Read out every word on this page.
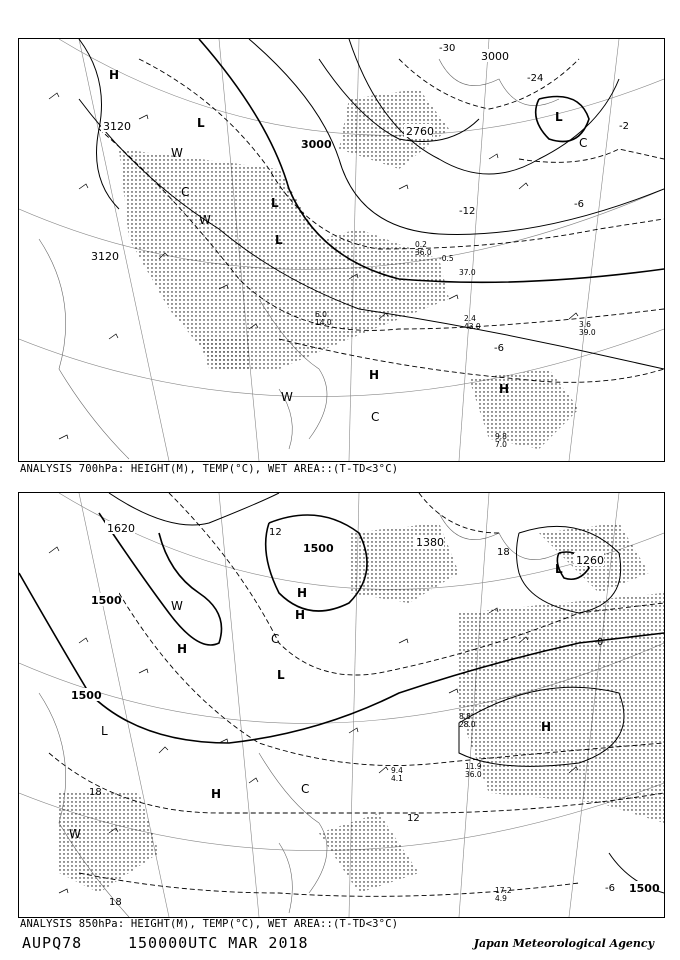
3120
3000
3120
2760
3000
H
L
L
L
W
C
W
H
H
C
W
L
C
-24
-6
-2
-6
-12
-30
2.4 43.0	3.6 39.0
9.8 7.0
6.0 14.0
0.2 36.0
-0.5
37.0
ANALYSIS 700hPa: HEIGHT(M), TEMP(°C), WET AREA::(T-TD<3°C)
1500
1500
1500
1380
1260
1500
1620
H
H
H
L
L
H
W
C
W
C
H
L
12
18
0
12
18
18
-6
17.2 4.9
11.9 36.0
9.4 4.1
8.8 28.0
ANALYSIS 850hPa: HEIGHT(M), TEMP(°C), WET AREA::(T-TD<3°C)
AUPQ78	150000UTC MAR 2018	Japan Meteorological Agency
